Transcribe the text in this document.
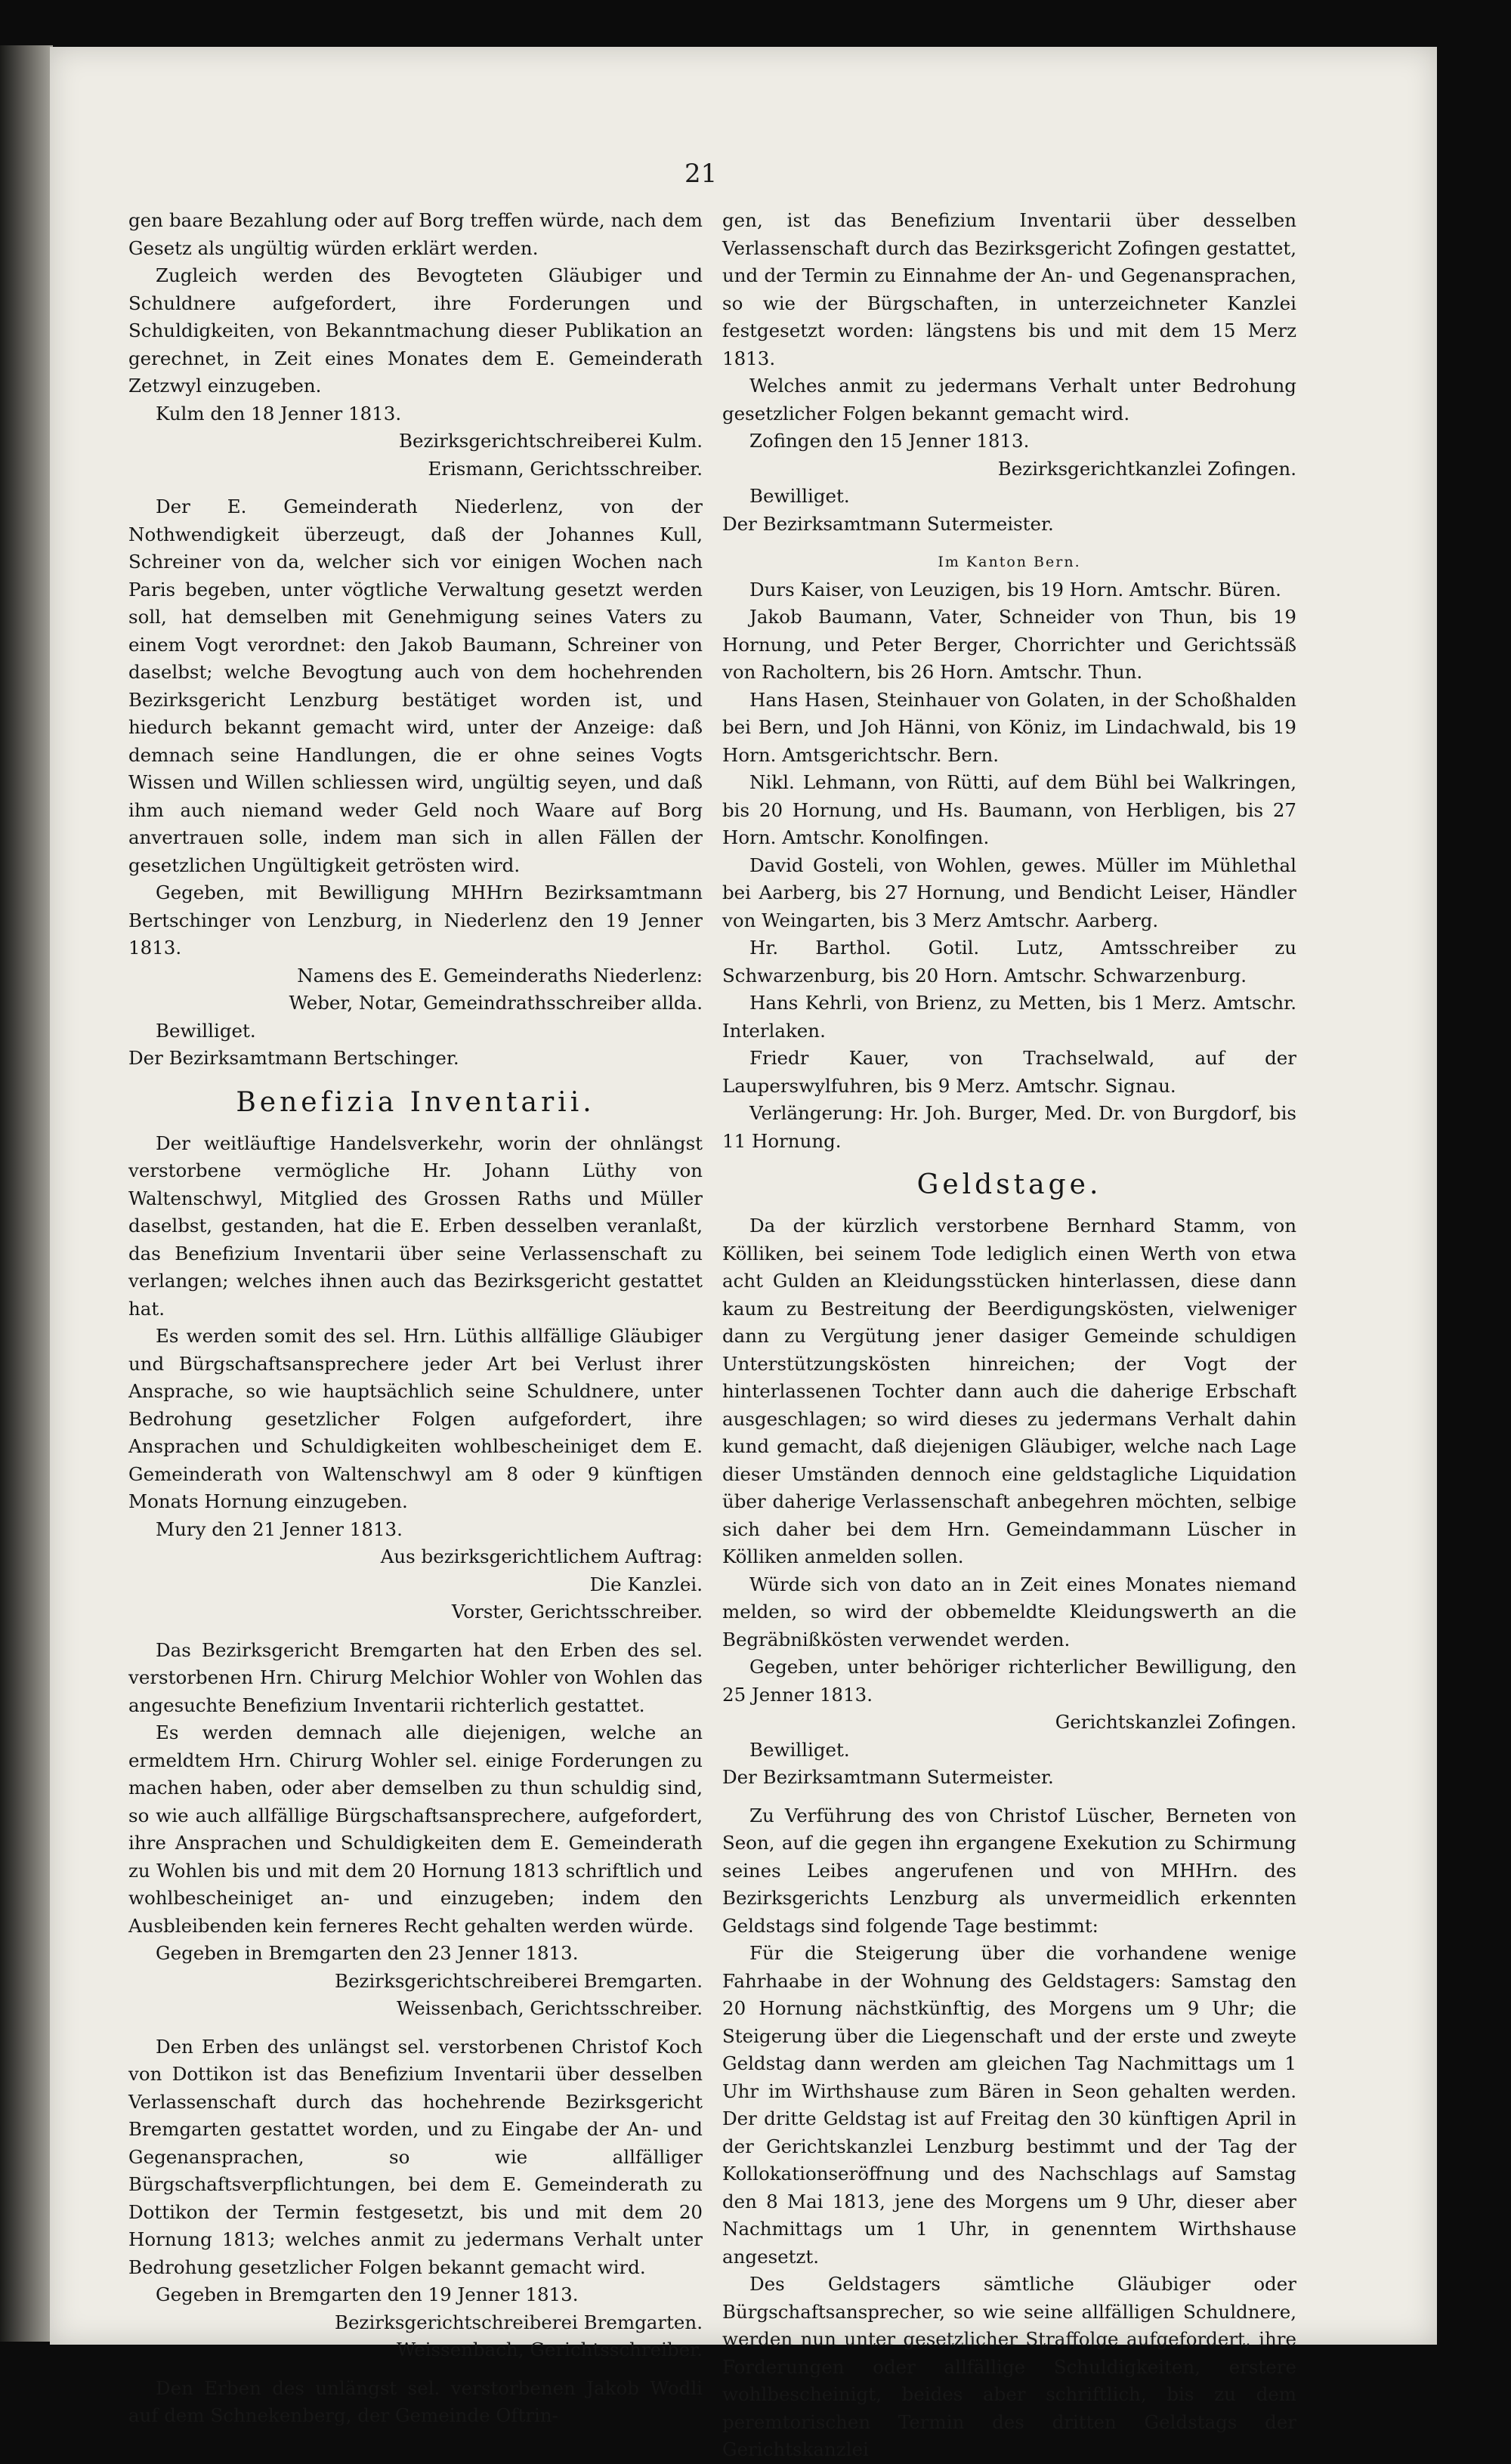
21

gen baare Bezahlung oder auf Borg treffen würde, nach dem Gesetz als ungültig würden erklärt werden.

Zugleich werden des Bevogteten Gläubiger und Schuldnere aufgefordert, ihre Forderungen und Schuldigkeiten, von Bekanntmachung dieser Publikation an gerechnet, in Zeit eines Monates dem E. Gemeinderath Zetzwyl einzugeben.

Kulm den 18 Jenner 1813.

Bezirksgerichtschreiberei Kulm.

Erismann, Gerichtsschreiber.

Der E. Gemeinderath Niederlenz, von der Nothwendigkeit überzeugt, daß der Johannes Kull, Schreiner von da, welcher sich vor einigen Wochen nach Paris begeben, unter vögtliche Verwaltung gesetzt werden soll, hat demselben mit Genehmigung seines Vaters zu einem Vogt verordnet: den Jakob Baumann, Schreiner von daselbst; welche Bevogtung auch von dem hochehrenden Bezirksgericht Lenzburg bestätiget worden ist, und hiedurch bekannt gemacht wird, unter der Anzeige: daß demnach seine Handlungen, die er ohne seines Vogts Wissen und Willen schliessen wird, ungültig seyen, und daß ihm auch niemand weder Geld noch Waare auf Borg anvertrauen solle, indem man sich in allen Fällen der gesetzlichen Ungültigkeit getrösten wird.

Gegeben, mit Bewilligung MHHrn Bezirksamtmann Bertschinger von Lenzburg, in Niederlenz den 19 Jenner 1813.

Namens des E. Gemeinderaths Niederlenz:

Weber, Notar, Gemeindrathsschreiber allda.

Bewilliget.

Der Bezirksamtmann Bertschinger.

Benefizia Inventarii.

Der weitläuftige Handelsverkehr, worin der ohnlängst verstorbene vermögliche Hr. Johann Lüthy von Waltenschwyl, Mitglied des Grossen Raths und Müller daselbst, gestanden, hat die E. Erben desselben veranlaßt, das Benefizium Inventarii über seine Verlassenschaft zu verlangen; welches ihnen auch das Bezirksgericht gestattet hat.

Es werden somit des sel. Hrn. Lüthis allfällige Gläubiger und Bürgschaftsansprechere jeder Art bei Verlust ihrer Ansprache, so wie hauptsächlich seine Schuldnere, unter Bedrohung gesetzlicher Folgen aufgefordert, ihre Ansprachen und Schuldigkeiten wohlbescheiniget dem E. Gemeinderath von Waltenschwyl am 8 oder 9 künftigen Monats Hornung einzugeben.

Mury den 21 Jenner 1813.

Aus bezirksgerichtlichem Auftrag:

Die Kanzlei.

Vorster, Gerichtsschreiber.

Das Bezirksgericht Bremgarten hat den Erben des sel. verstorbenen Hrn. Chirurg Melchior Wohler von Wohlen das angesuchte Benefizium Inventarii richterlich gestattet.

Es werden demnach alle diejenigen, welche an ermeldtem Hrn. Chirurg Wohler sel. einige Forderungen zu machen haben, oder aber demselben zu thun schuldig sind, so wie auch allfällige Bürgschaftsansprechere, aufgefordert, ihre Ansprachen und Schuldigkeiten dem E. Gemeinderath zu Wohlen bis und mit dem 20 Hornung 1813 schriftlich und wohlbescheiniget an- und einzugeben; indem den Ausbleibenden kein ferneres Recht gehalten werden würde.

Gegeben in Bremgarten den 23 Jenner 1813.

Bezirksgerichtschreiberei Bremgarten.

Weissenbach, Gerichtsschreiber.

Den Erben des unlängst sel. verstorbenen Christof Koch von Dottikon ist das Benefizium Inventarii über desselben Verlassenschaft durch das hochehrende Bezirksgericht Bremgarten gestattet worden, und zu Eingabe der An- und Gegenansprachen, so wie allfälliger Bürgschaftsverpflichtungen, bei dem E. Gemeinderath zu Dottikon der Termin festgesetzt, bis und mit dem 20 Hornung 1813; welches anmit zu jedermans Verhalt unter Bedrohung gesetzlicher Folgen bekannt gemacht wird.

Gegeben in Bremgarten den 19 Jenner 1813.

Bezirksgerichtschreiberei Bremgarten.

Weissenbach, Gerichtsschreiber.

Den Erben des unlängst sel. verstorbenen Jakob Wodli auf dem Schnekenberg, der Gemeinde Oftrin-

gen, ist das Benefizium Inventarii über desselben Verlassenschaft durch das Bezirksgericht Zofingen gestattet, und der Termin zu Einnahme der An- und Gegenansprachen, so wie der Bürgschaften, in unterzeichneter Kanzlei festgesetzt worden: längstens bis und mit dem 15 Merz 1813.

Welches anmit zu jedermans Verhalt unter Bedrohung gesetzlicher Folgen bekannt gemacht wird.

Zofingen den 15 Jenner 1813.

Bezirksgerichtkanzlei Zofingen.

Bewilliget.

Der Bezirksamtmann Sutermeister.

Im Kanton Bern.

Durs Kaiser, von Leuzigen, bis 19 Horn. Amtschr. Büren.

Jakob Baumann, Vater, Schneider von Thun, bis 19 Hornung, und Peter Berger, Chorrichter und Gerichtssäß von Racholtern, bis 26 Horn. Amtschr. Thun.

Hans Hasen, Steinhauer von Golaten, in der Schoßhalden bei Bern, und Joh Hänni, von Köniz, im Lindachwald, bis 19 Horn. Amtsgerichtschr. Bern.

Nikl. Lehmann, von Rütti, auf dem Bühl bei Walkringen, bis 20 Hornung, und Hs. Baumann, von Herbligen, bis 27 Horn. Amtschr. Konolfingen.

David Gosteli, von Wohlen, gewes. Müller im Mühlethal bei Aarberg, bis 27 Hornung, und Bendicht Leiser, Händler von Weingarten, bis 3 Merz Amtschr. Aarberg.

Hr. Barthol. Gotil. Lutz, Amtsschreiber zu Schwarzenburg, bis 20 Horn. Amtschr. Schwarzenburg.

Hans Kehrli, von Brienz, zu Metten, bis 1 Merz. Amtschr. Interlaken.

Friedr Kauer, von Trachselwald, auf der Lauperswylfuhren, bis 9 Merz. Amtschr. Signau.

Verlängerung: Hr. Joh. Burger, Med. Dr. von Burgdorf, bis 11 Hornung.

Geldstage.

Da der kürzlich verstorbene Bernhard Stamm, von Kölliken, bei seinem Tode lediglich einen Werth von etwa acht Gulden an Kleidungsstücken hinterlassen, diese dann kaum zu Bestreitung der Beerdigungskösten, vielweniger dann zu Vergütung jener dasiger Gemeinde schuldigen Unterstützungskösten hinreichen; der Vogt der hinterlassenen Tochter dann auch die daherige Erbschaft ausgeschlagen; so wird dieses zu jedermans Verhalt dahin kund gemacht, daß diejenigen Gläubiger, welche nach Lage dieser Umständen dennoch eine geldstagliche Liquidation über daherige Verlassenschaft anbegehren möchten, selbige sich daher bei dem Hrn. Gemeindammann Lüscher in Kölliken anmelden sollen.

Würde sich von dato an in Zeit eines Monates niemand melden, so wird der obbemeldte Kleidungswerth an die Begräbnißkösten verwendet werden.

Gegeben, unter behöriger richterlicher Bewilligung, den 25 Jenner 1813.

Gerichtskanzlei Zofingen.

Bewilliget.

Der Bezirksamtmann Sutermeister.

Zu Verführung des von Christof Lüscher, Berneten von Seon, auf die gegen ihn ergangene Exekution zu Schirmung seines Leibes angerufenen und von MHHrn. des Bezirksgerichts Lenzburg als unvermeidlich erkennten Geldstags sind folgende Tage bestimmt:

Für die Steigerung über die vorhandene wenige Fahrhaabe in der Wohnung des Geldstagers: Samstag den 20 Hornung nächstkünftig, des Morgens um 9 Uhr; die Steigerung über die Liegenschaft und der erste und zweyte Geldstag dann werden am gleichen Tag Nachmittags um 1 Uhr im Wirthshause zum Bären in Seon gehalten werden. Der dritte Geldstag ist auf Freitag den 30 künftigen April in der Gerichtskanzlei Lenzburg bestimmt und der Tag der Kollokationseröffnung und des Nachschlags auf Samstag den 8 Mai 1813, jene des Morgens um 9 Uhr, dieser aber Nachmittags um 1 Uhr, in genenntem Wirthshause angesetzt.

Des Geldstagers sämtliche Gläubiger oder Bürgschaftsansprecher, so wie seine allfälligen Schuldnere, werden nun unter gesetzlicher Straffolge aufgefordert, ihre Forderungen oder allfällige Schuldigkeiten, erstere wohlbescheinigt, beides aber schriftlich, bis zu dem peremtorischen Termin des dritten Geldstags der Gerichtskanzlei
